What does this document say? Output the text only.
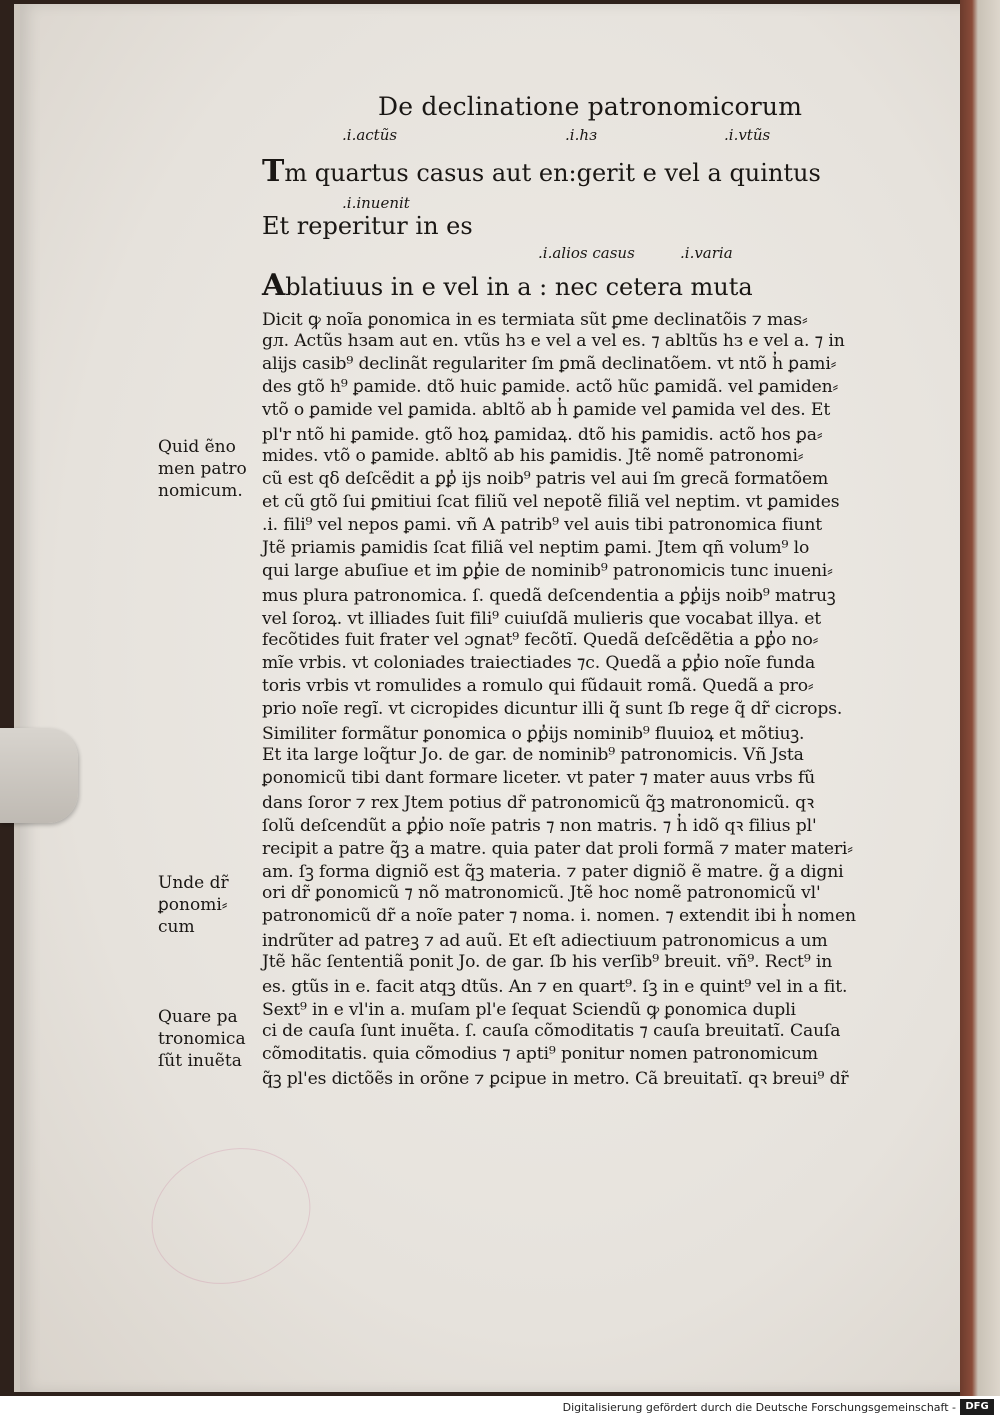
De declinatione patronomicorum
.i.actũs	.i.hз	.i.vtũs
Tm quartus casus aut en:gerit e vel a quintus
.i.inuenit
Et reperitur in es
.i.alios casus	.i.varia
Ablatiuus in e vel in a : nec cetera muta
Dicit ꝙ noĩa ꝑonomica in es termiata sũt ꝑme declinatõis ⁊ mas⸗
gл. Actũs hзam aut en. vtũs hз e vel a vel es. ⁊ abltũs hз e vel a. ⁊ in
alijs casib⁹ declinãt regulariter ſm ꝑmã declinatõem. vt ntõ h̓ ꝑami⸗
des gtõ h⁹ ꝑamide. dtõ huic ꝑamide. actõ hũc ꝑamidã. vel ꝑamiden⸗
vtõ o ꝑamide vel ꝑamida. abltõ ab h̓ ꝑamide vel ꝑamida vel des. Et
pl'r ntõ hi ꝑamide. gtõ hoꝝ ꝑamidaꝝ. dtõ his ꝑamidis. actõ hos ꝑa⸗
mides. vtõ o ꝑamide. abltõ ab his ꝑamidis. Jtẽ nomẽ patronomi⸗
cũ est qδ deſcẽdit a ꝑꝑ̓ ijs noib⁹ patris vel aui ſm grecã formatõem
et cũ gtõ ſui ꝑmitiui ſcat filiũ vel nepotẽ filiã vel neptim. vt ꝑamides
.i. fili⁹ vel nepos ꝑami. vñ A patrib⁹ vel auis tibi patronomica fiunt
Jtẽ priamis ꝑamidis ſcat filiã vel neptim ꝑami. Jtem qñ volum⁹ lo
qui large abuſiue et im ꝑꝑ̓ie de nominib⁹ patronomicis tunc inueni⸗
mus plura patronomica. ſ. quedã deſcendentia a ꝑꝑ̓ijs noib⁹ matruꝫ
vel ſoroꝝ. vt illiades ſuit fili⁹ cuiuſdã mulieris que vocabat illya. et
fecõtides fuit frater vel ɔgnat⁹ fecõtĩ. Quedã deſcẽdẽtia a ꝑꝑ̓o no⸗
mĩe vrbis. vt coloniades traiectiades ⁊c. Quedã a ꝑꝑ̓io noĩe funda
toris vrbis vt romulides a romulo qui fũdauit romã. Quedã a pro⸗
prio noĩe regĩ. vt cicropides dicuntur illi q̃ sunt ſb rege q̃ dr̃ cicrops.
Similiter formãtur ꝑonomica o ꝑꝑ̓ijs nominib⁹ fluuioꝝ et mõtiuꝫ.
Et ita large loq̃tur Jo. de gar. de nominib⁹ patronomicis. Vñ Jsta
ꝑonomicũ tibi dant formare liceter. vt pater ⁊ mater auus vrbs fũ
dans ſoror ⁊ rex Jtem potius dr̃ patronomicũ q̃ꝫ matronomicũ. qꝛ
ſolũ deſcendũt a ꝑꝑ̓io noĩe patris ⁊ non matris. ⁊ h̓ idõ qꝛ filius pl'
recipit a patre q̃ꝫ a matre. quia pater dat proli formã ⁊ mater materi⸗
am. ſꝫ forma digniõ est q̃ꝫ materia. ⁊ pater digniõ ẽ matre. g̃ a digni
ori dr̃ ꝑonomicũ ⁊ nõ matronomicũ. Jtẽ hoc nomẽ patronomicũ vl'
patronomicũ dr̃ a noĩe pater ⁊ noma. i. nomen. ⁊ extendit ibi h̓ nomen
indrũter ad patreꝫ ⁊ ad auũ. Et eſt adiectiuum patronomicus a um
Jtẽ hãc ſententiã ponit Jo. de gar. ſb his verſib⁹ breuit. vñ⁹. Rect⁹ in
es. gtũs in e. facit atqꝫ dtũs. An ⁊ en quart⁹. ſꝫ in e quint⁹ vel in a fit.
Sext⁹ in e vl'in a. muſam pl'e ſequat Sciendũ ꝙ ꝑonomica dupli
ci de cauſa ſunt inuẽta. ſ. cauſa cõmoditatis ⁊ cauſa breuitatĩ. Cauſa
cõmoditatis. quia cõmodius ⁊ apti⁹ ponitur nomen patronomicum
q̃ꝫ pl'es dictõẽs in orõne ⁊ ꝑcipue in metro. Cã breuitatĩ. qꝛ breui⁹ dr̃
Quid ẽno men patro nomicum.
Unde dr̃ ꝑonomi⸗ cum
Quare pa tronomica ſũt inuẽta
Digitalisierung gefördert durch die Deutsche Forschungsgemeinschaft - DFG
